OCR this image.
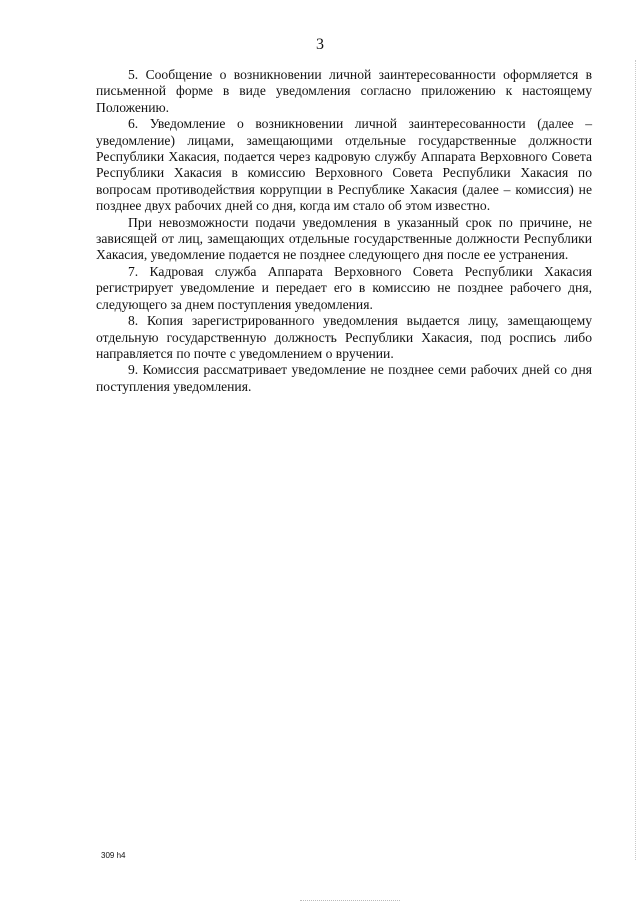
3

5. Сообщение о возникновении личной заинтересованности оформляется в письменной форме в виде уведомления согласно приложению к настоящему Положению.

6. Уведомление о возникновении личной заинтересованности (далее – уведомление) лицами, замещающими отдельные государственные должности Республики Хакасия, подается через кадровую службу Аппарата Верховного Совета Республики Хакасия в комиссию Верховного Совета Республики Хакасия по вопросам противодействия коррупции в Республике Хакасия (далее – комиссия) не позднее двух рабочих дней со дня, когда им стало об этом известно.

При невозможности подачи уведомления в указанный срок по причине, не зависящей от лиц, замещающих отдельные государственные должности Республики Хакасия, уведомление подается не позднее следующего дня после ее устранения.

7. Кадровая служба Аппарата Верховного Совета Республики Хакасия регистрирует уведомление и передает его в комиссию не позднее рабочего дня, следующего за днем поступления уведомления.

8. Копия зарегистрированного уведомления выдается лицу, замещающему отдельную государственную должность Республики Хакасия, под роспись либо направляется по почте с уведомлением о вручении.

9. Комиссия рассматривает уведомление не позднее семи рабочих дней со дня поступления уведомления.

309 h4
